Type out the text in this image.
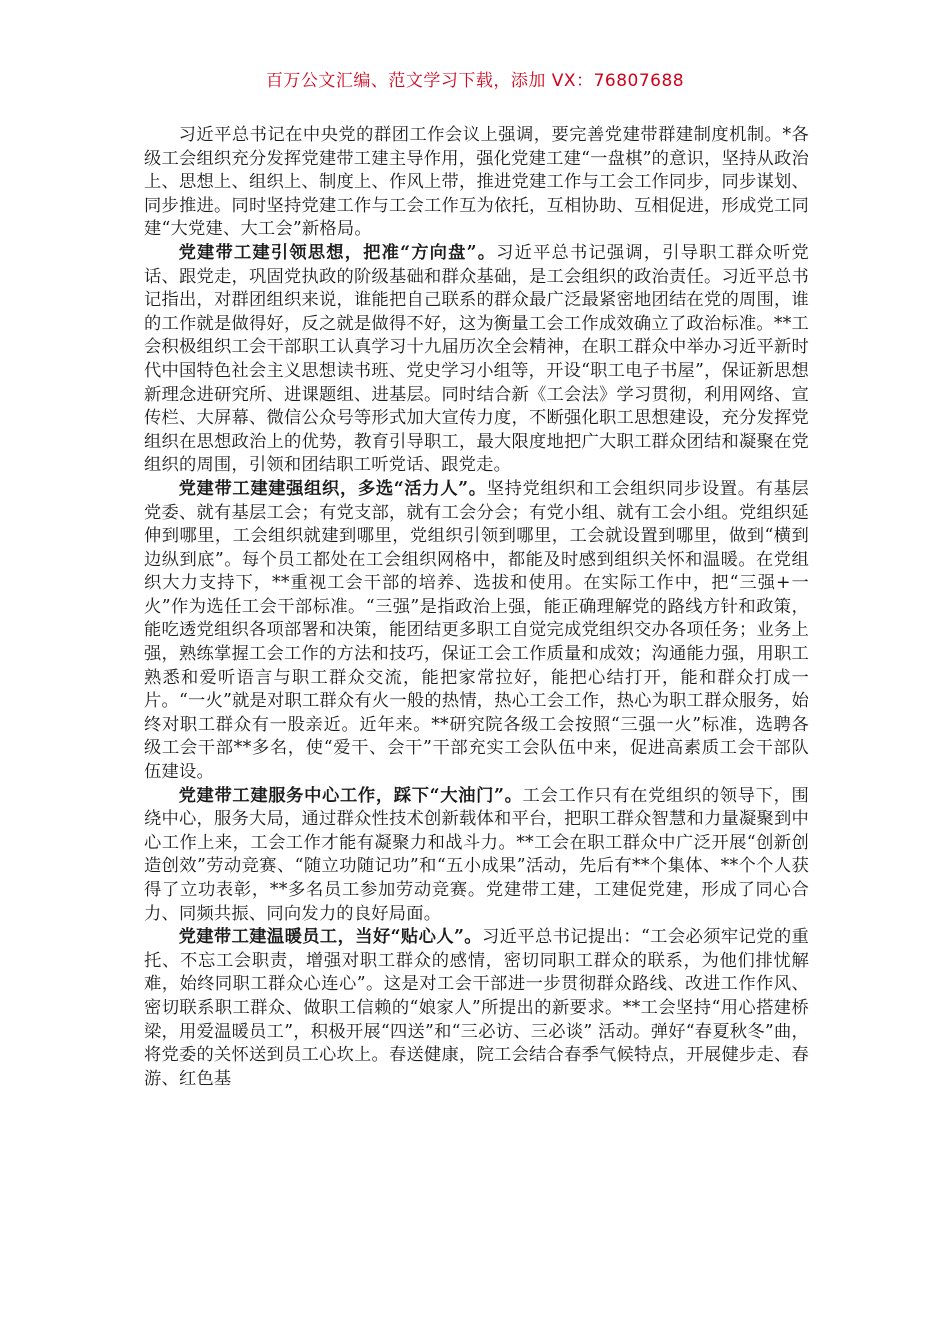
百万公文汇编、范文学习下载，添加 VX：76807688

习近平总书记在中央党的群团工作会议上强调，要完善党建带群建制度机制。*各级工会组织充分发挥党建带工建主导作用，强化党建工建“一盘棋”的意识，坚持从政治上、思想上、组织上、制度上、作风上带，推进党建工作与工会工作同步，同步谋划、同步推进。同时坚持党建工作与工会工作互为依托，互相协助、互相促进，形成党工同建“大党建、大工会”新格局。

党建带工建引领思想，把准“方向盘”。习近平总书记强调，引导职工群众听党话、跟党走，巩固党执政的阶级基础和群众基础，是工会组织的政治责任。习近平总书记指出，对群团组织来说，谁能把自己联系的群众最广泛最紧密地团结在党的周围，谁的工作就是做得好，反之就是做得不好，这为衡量工会工作成效确立了政治标准。**工会积极组织工会干部职工认真学习十九届历次全会精神，在职工群众中举办习近平新时代中国特色社会主义思想读书班、党史学习小组等，开设“职工电子书屋”，保证新思想新理念进研究所、进课题组、进基层。同时结合新《工会法》学习贯彻，利用网络、宣传栏、大屏幕、微信公众号等形式加大宣传力度，不断强化职工思想建设，充分发挥党组织在思想政治上的优势，教育引导职工，最大限度地把广大职工群众团结和凝聚在党组织的周围，引领和团结职工听党话、跟党走。

党建带工建建强组织，多选“活力人”。坚持党组织和工会组织同步设置。有基层党委、就有基层工会；有党支部，就有工会分会；有党小组、就有工会小组。党组织延伸到哪里，工会组织就建到哪里，党组织引领到哪里，工会就设置到哪里，做到“横到边纵到底”。每个员工都处在工会组织网格中，都能及时感到组织关怀和温暖。在党组织大力支持下，**重视工会干部的培养、选拔和使用。在实际工作中，把“三强+一火”作为选任工会干部标准。“三强”是指政治上强，能正确理解党的路线方针和政策，能吃透党组织各项部署和决策，能团结更多职工自觉完成党组织交办各项任务；业务上强，熟练掌握工会工作的方法和技巧，保证工会工作质量和成效；沟通能力强，用职工熟悉和爱听语言与职工群众交流，能把家常拉好，能把心结打开，能和群众打成一片。“一火”就是对职工群众有火一般的热情，热心工会工作，热心为职工群众服务，始终对职工群众有一股亲近。近年来。**研究院各级工会按照“三强一火”标准，选聘各级工会干部**多名，使“爱干、会干”干部充实工会队伍中来，促进高素质工会干部队伍建设。

党建带工建服务中心工作，踩下“大油门”。工会工作只有在党组织的领导下，围绕中心，服务大局，通过群众性技术创新载体和平台，把职工群众智慧和力量凝聚到中心工作上来，工会工作才能有凝聚力和战斗力。**工会在职工群众中广泛开展“创新创造创效”劳动竞赛、“随立功随记功”和“五小成果”活动，先后有**个集体、**个个人获得了立功表彰，**多名员工参加劳动竞赛。党建带工建，工建促党建，形成了同心合力、同频共振、同向发力的良好局面。

党建带工建温暖员工，当好“贴心人”。习近平总书记提出：“工会必须牢记党的重托、不忘工会职责，增强对职工群众的感情，密切同职工群众的联系，为他们排忧解难，始终同职工群众心连心”。这是对工会干部进一步贯彻群众路线、改进工作作风、密切联系职工群众、做职工信赖的“娘家人”所提出的新要求。**工会坚持“用心搭建桥梁，用爱温暖员工”，积极开展“四送”和“三必访、三必谈” 活动。弹好“春夏秋冬”曲，将党委的关怀送到员工心坎上。春送健康，院工会结合春季气候特点，开展健步走、春游、红色基
